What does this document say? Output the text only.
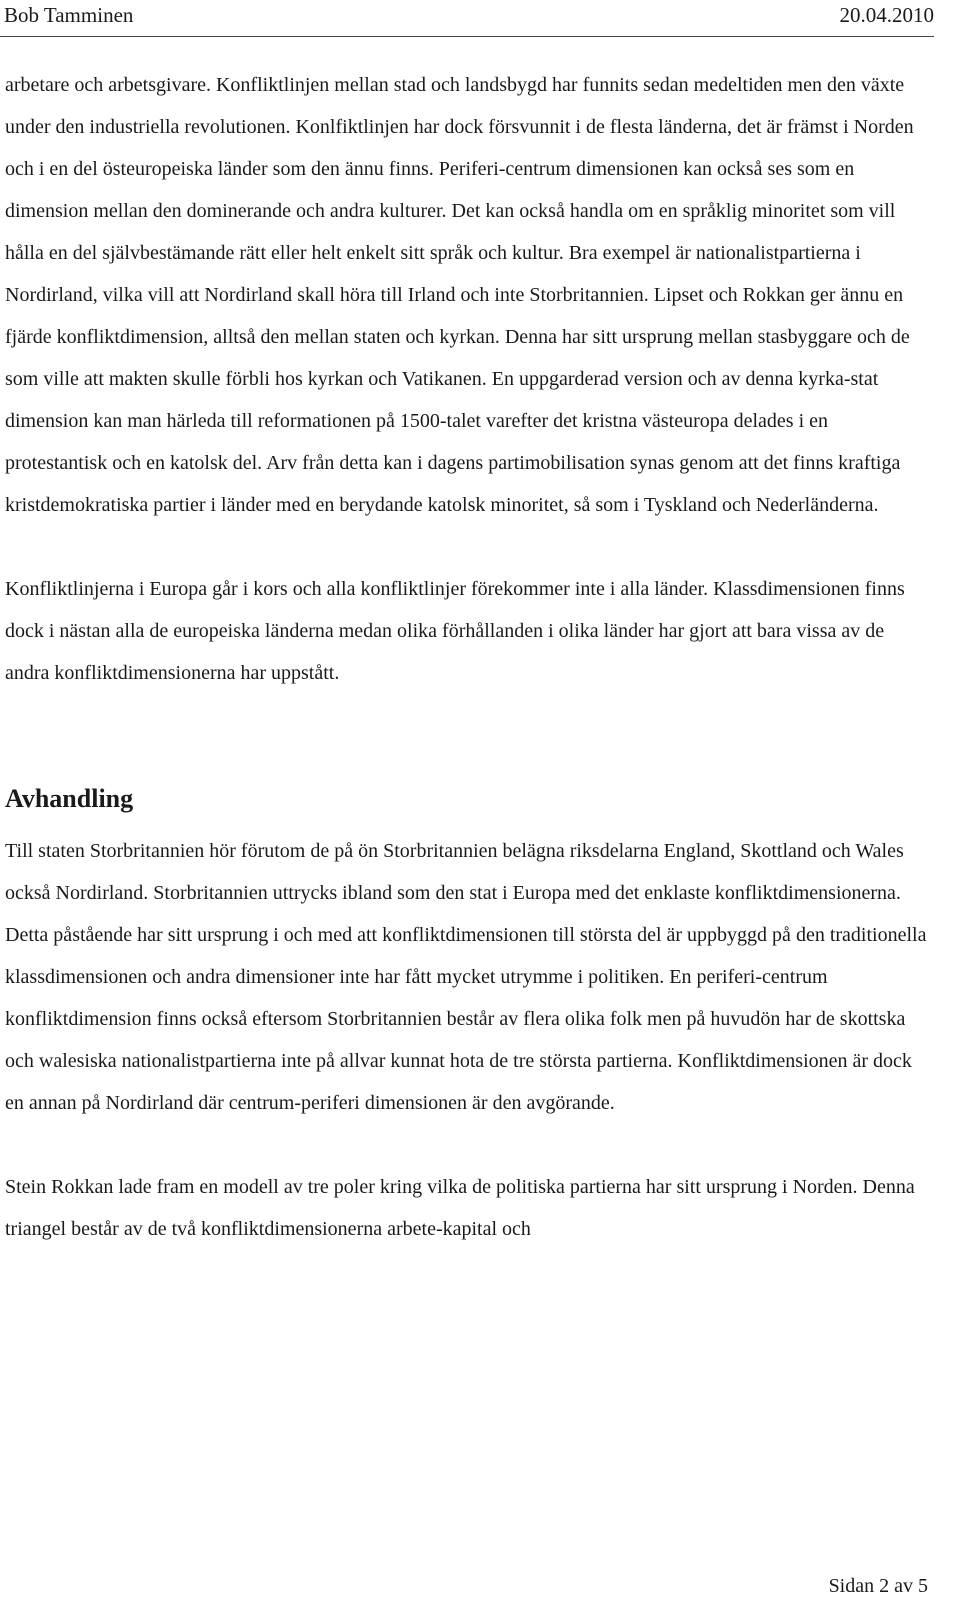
Bob Tamminen	20.04.2010

arbetare och arbetsgivare. Konfliktlinjen mellan stad och landsbygd har funnits sedan medeltiden men den växte under den industriella revolutionen. Konlfiktlinjen har dock försvunnit i de flesta länderna, det är främst i Norden och i en del östeuropeiska länder som den ännu finns. Periferi-centrum dimensionen kan också ses som en dimension mellan den dominerande och andra kulturer. Det kan också handla om en språklig minoritet som vill hålla en del självbestämande rätt eller helt enkelt sitt språk och kultur. Bra exempel är nationalistpartierna i Nordirland, vilka vill att Nordirland skall höra till Irland och inte Storbritannien. Lipset och Rokkan ger ännu en fjärde konfliktdimension, alltså den mellan staten och kyrkan. Denna har sitt ursprung mellan stasbyggare och de som ville att makten skulle förbli hos kyrkan och Vatikanen. En uppgarderad version och av denna kyrka-stat dimension kan man härleda till reformationen på 1500-talet varefter det kristna västeuropa delades i en protestantisk och en katolsk del. Arv från detta kan i dagens partimobilisation synas genom att det finns kraftiga kristdemokratiska partier i länder med en berydande katolsk minoritet, så som i Tyskland och Nederländerna.

Konfliktlinjerna i Europa går i kors och alla konfliktlinjer förekommer inte i alla länder. Klassdimensionen finns dock i nästan alla de europeiska länderna medan olika förhållanden i olika länder har gjort att bara vissa av de andra konfliktdimensionerna har uppstått.

Avhandling

Till staten Storbritannien hör förutom de på ön Storbritannien belägna riksdelarna England, Skottland och Wales också Nordirland. Storbritannien uttrycks ibland som den stat i Europa med det enklaste konfliktdimensionerna. Detta påstående har sitt ursprung i och med att konfliktdimensionen till största del är uppbyggd på den traditionella klassdimensionen och andra dimensioner inte har fått mycket utrymme i politiken. En periferi-centrum konfliktdimension finns också eftersom Storbritannien består av flera olika folk men på huvudön har de skottska och walesiska nationalistpartierna inte på allvar kunnat hota de tre största partierna. Konfliktdimensionen är dock en annan på Nordirland där centrum-periferi dimensionen är den avgörande.

Stein Rokkan lade fram en modell av tre poler kring vilka de politiska partierna har sitt ursprung i Norden. Denna triangel består av de två konfliktdimensionerna arbete-kapital och

Sidan 2 av 5
